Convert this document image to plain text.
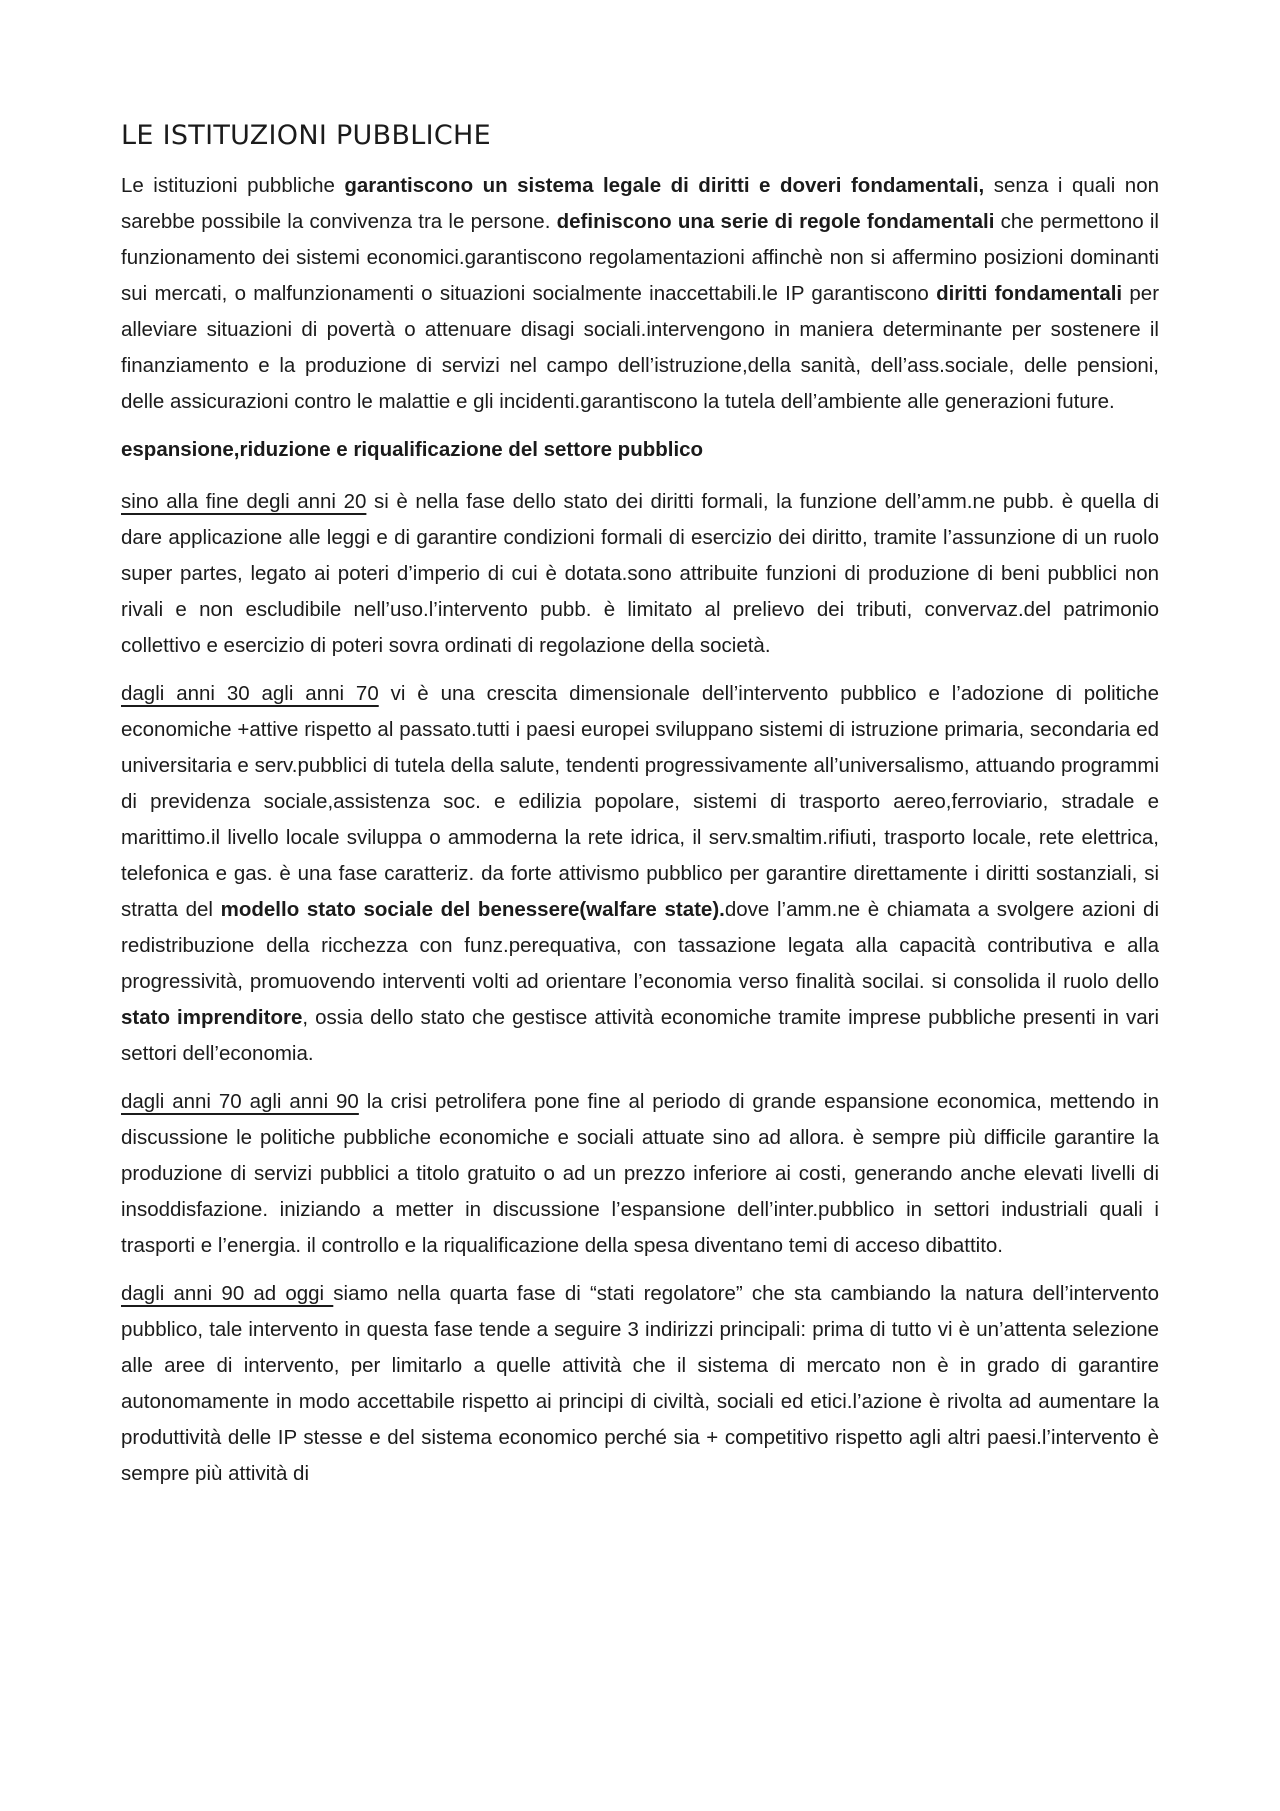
LE ISTITUZIONI PUBBLICHE

Le istituzioni pubbliche garantiscono un sistema legale di diritti e doveri fondamentali, senza i quali non sarebbe possibile la convivenza tra le persone. definiscono una serie di regole fondamentali che permettono il funzionamento dei sistemi economici.garantiscono regolamentazioni affinchè non si affermino posizioni dominanti sui mercati, o malfunzionamenti o situazioni socialmente inaccettabili.le IP garantiscono diritti fondamentali per alleviare situazioni di povertà o attenuare disagi sociali.intervengono in maniera determinante per sostenere il finanziamento e la produzione di servizi nel campo dell’istruzione,della sanità, dell’ass.sociale, delle pensioni, delle assicurazioni contro le malattie e gli incidenti.garantiscono la tutela dell’ambiente alle generazioni future.

espansione,riduzione e riqualificazione del settore pubblico

sino alla fine degli anni 20 si è nella fase dello stato dei diritti formali, la funzione dell’amm.ne pubb. è quella di dare applicazione alle leggi e di garantire condizioni formali di esercizio dei diritto, tramite l’assunzione di un ruolo super partes, legato ai poteri d’imperio di cui è dotata.sono attribuite funzioni di produzione di beni pubblici non rivali e non escludibile nell’uso.l’intervento pubb. è limitato al prelievo dei tributi, convervaz.del patrimonio collettivo e esercizio di poteri sovra ordinati di regolazione della società.

dagli anni 30 agli anni 70 vi è una crescita dimensionale dell’intervento pubblico e l’adozione di politiche economiche +attive rispetto al passato.tutti i paesi europei sviluppano sistemi di istruzione primaria, secondaria ed universitaria e serv.pubblici di tutela della salute, tendenti progressivamente all’universalismo, attuando programmi di previdenza sociale,assistenza soc. e edilizia popolare, sistemi di trasporto aereo,ferroviario, stradale e marittimo.il livello locale sviluppa o ammoderna la rete idrica, il serv.smaltim.rifiuti, trasporto locale, rete elettrica, telefonica e gas. è una fase caratteriz. da forte attivismo pubblico per garantire direttamente i diritti sostanziali, si stratta del modello stato sociale del benessere(walfare state).dove l’amm.ne è chiamata a svolgere azioni di redistribuzione della ricchezza con funz.perequativa, con tassazione legata alla capacità contributiva e alla progressività, promuovendo interventi volti ad orientare l’economia verso finalità socilai. si consolida il ruolo dello stato imprenditore, ossia dello stato che gestisce attività economiche tramite imprese pubbliche presenti in vari settori dell’economia.

dagli anni 70 agli anni 90 la crisi petrolifera pone fine al periodo di grande espansione economica, mettendo in discussione le politiche pubbliche economiche e sociali attuate sino ad allora. è sempre più difficile garantire la produzione di servizi pubblici a titolo gratuito o ad un prezzo inferiore ai costi, generando anche elevati livelli di insoddisfazione. iniziando a metter in discussione l’espansione dell’inter.pubblico in settori industriali quali i trasporti e l’energia. il controllo e la riqualificazione della spesa diventano temi di acceso dibattito.

dagli anni 90 ad oggi siamo nella quarta fase di “stati regolatore” che sta cambiando la natura dell’intervento pubblico, tale intervento in questa fase tende a seguire 3 indirizzi principali: prima di tutto vi è un’attenta selezione alle aree di intervento, per limitarlo a quelle attività che il sistema di mercato non è in grado di garantire autonomamente in modo accettabile rispetto ai principi di civiltà, sociali ed etici.l’azione è rivolta ad aumentare la produttività delle IP stesse e del sistema economico perché sia + competitivo rispetto agli altri paesi.l’intervento è sempre più attività di
